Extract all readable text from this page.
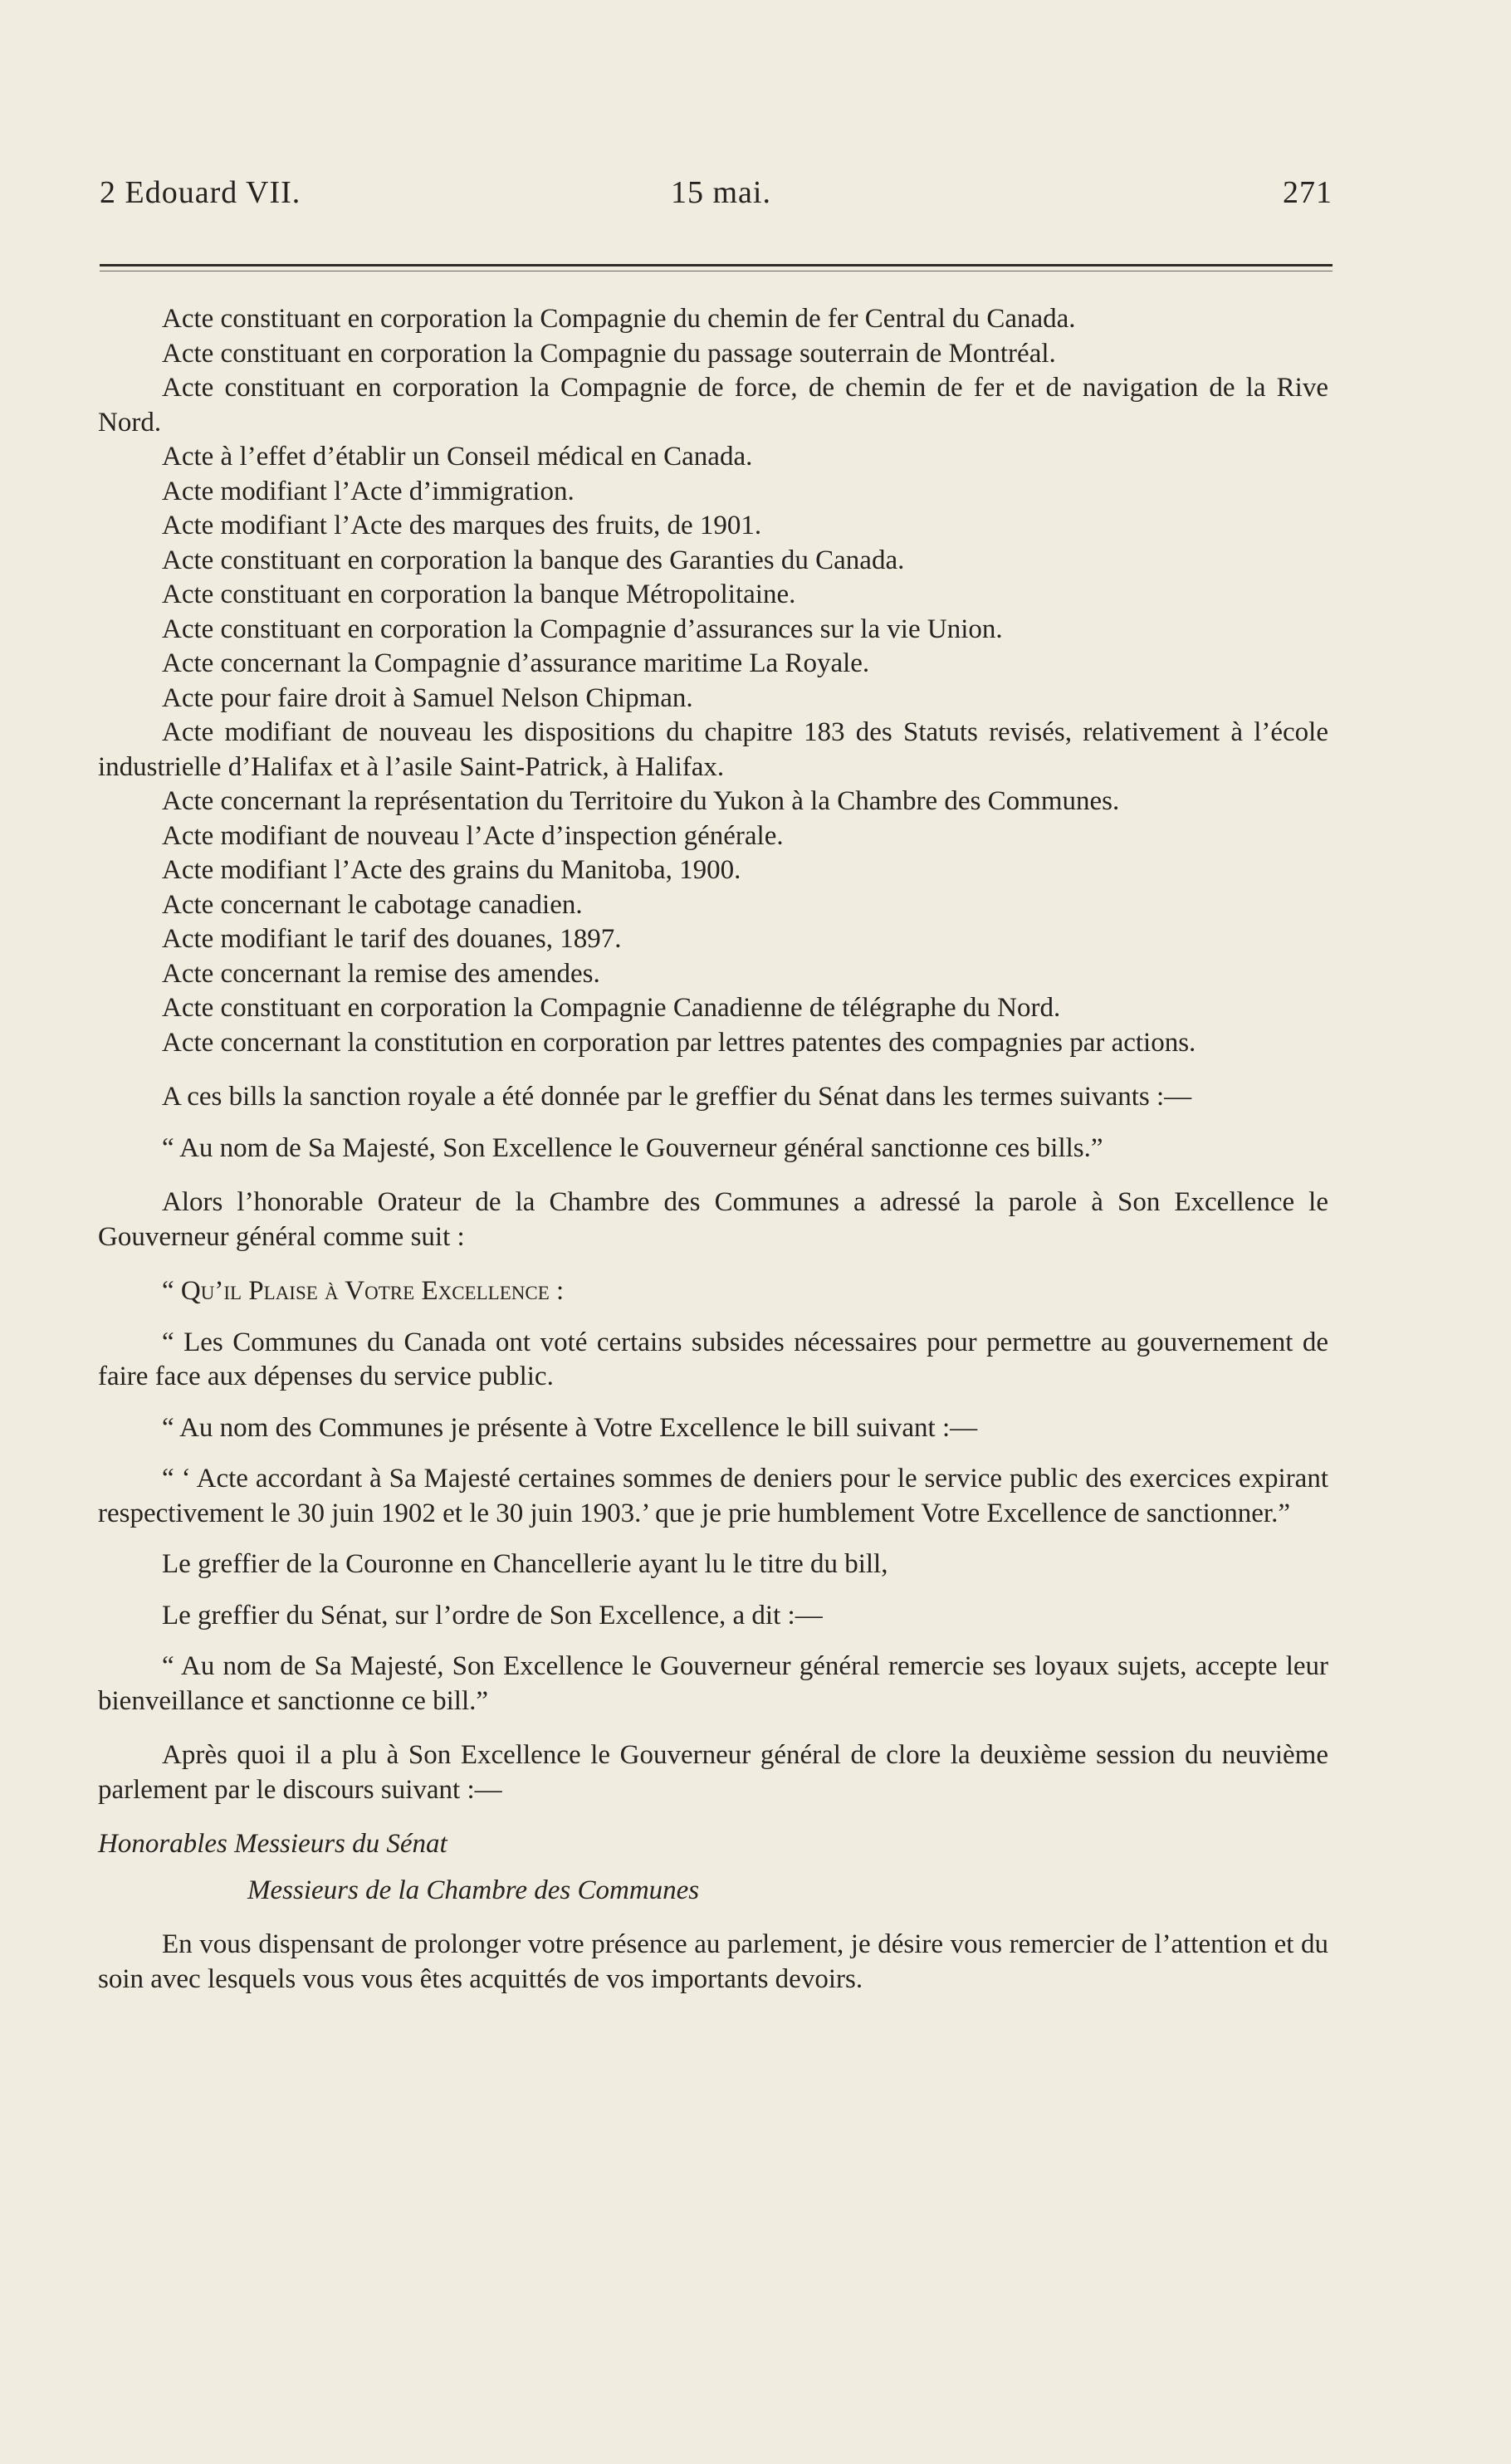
2 Edouard VII.	15 mai.	271

Acte constituant en corporation la Compagnie du chemin de fer Central du Canada.

Acte constituant en corporation la Compagnie du passage souterrain de Montréal.

Acte constituant en corporation la Compagnie de force, de chemin de fer et de navigation de la Rive Nord.

Acte à l’effet d’établir un Conseil médical en Canada.

Acte modifiant l’Acte d’immigration.

Acte modifiant l’Acte des marques des fruits, de 1901.

Acte constituant en corporation la banque des Garanties du Canada.

Acte constituant en corporation la banque Métropolitaine.

Acte constituant en corporation la Compagnie d’assurances sur la vie Union.

Acte concernant la Compagnie d’assurance maritime La Royale.

Acte pour faire droit à Samuel Nelson Chipman.

Acte modifiant de nouveau les dispositions du chapitre 183 des Statuts revisés, relativement à l’école industrielle d’Halifax et à l’asile Saint-Patrick, à Halifax.

Acte concernant la représentation du Territoire du Yukon à la Chambre des Communes.

Acte modifiant de nouveau l’Acte d’inspection générale.

Acte modifiant l’Acte des grains du Manitoba, 1900.

Acte concernant le cabotage canadien.

Acte modifiant le tarif des douanes, 1897.

Acte concernant la remise des amendes.

Acte constituant en corporation la Compagnie Canadienne de télégraphe du Nord.

Acte concernant la constitution en corporation par lettres patentes des compagnies par actions.

A ces bills la sanction royale a été donnée par le greffier du Sénat dans les termes suivants :—

“ Au nom de Sa Majesté, Son Excellence le Gouverneur général sanctionne ces bills.”

Alors l’honorable Orateur de la Chambre des Communes a adressé la parole à Son Excellence le Gouverneur général comme suit :

“ Qu’il Plaise à Votre Excellence :

“ Les Communes du Canada ont voté certains subsides nécessaires pour permettre au gouvernement de faire face aux dépenses du service public.

“ Au nom des Communes je présente à Votre Excellence le bill suivant :—

“ ‘ Acte accordant à Sa Majesté certaines sommes de deniers pour le service public des exercices expirant respectivement le 30 juin 1902 et le 30 juin 1903.’ que je prie humblement Votre Excellence de sanctionner.”

Le greffier de la Couronne en Chancellerie ayant lu le titre du bill,

Le greffier du Sénat, sur l’ordre de Son Excellence, a dit :—

“ Au nom de Sa Majesté, Son Excellence le Gouverneur général remercie ses loyaux sujets, accepte leur bienveillance et sanctionne ce bill.”

Après quoi il a plu à Son Excellence le Gouverneur général de clore la deuxième session du neuvième parlement par le discours suivant :—

Honorables Messieurs du Sénat

Messieurs de la Chambre des Communes

En vous dispensant de prolonger votre présence au parlement, je désire vous remercier de l’attention et du soin avec lesquels vous vous êtes acquittés de vos importants devoirs.
